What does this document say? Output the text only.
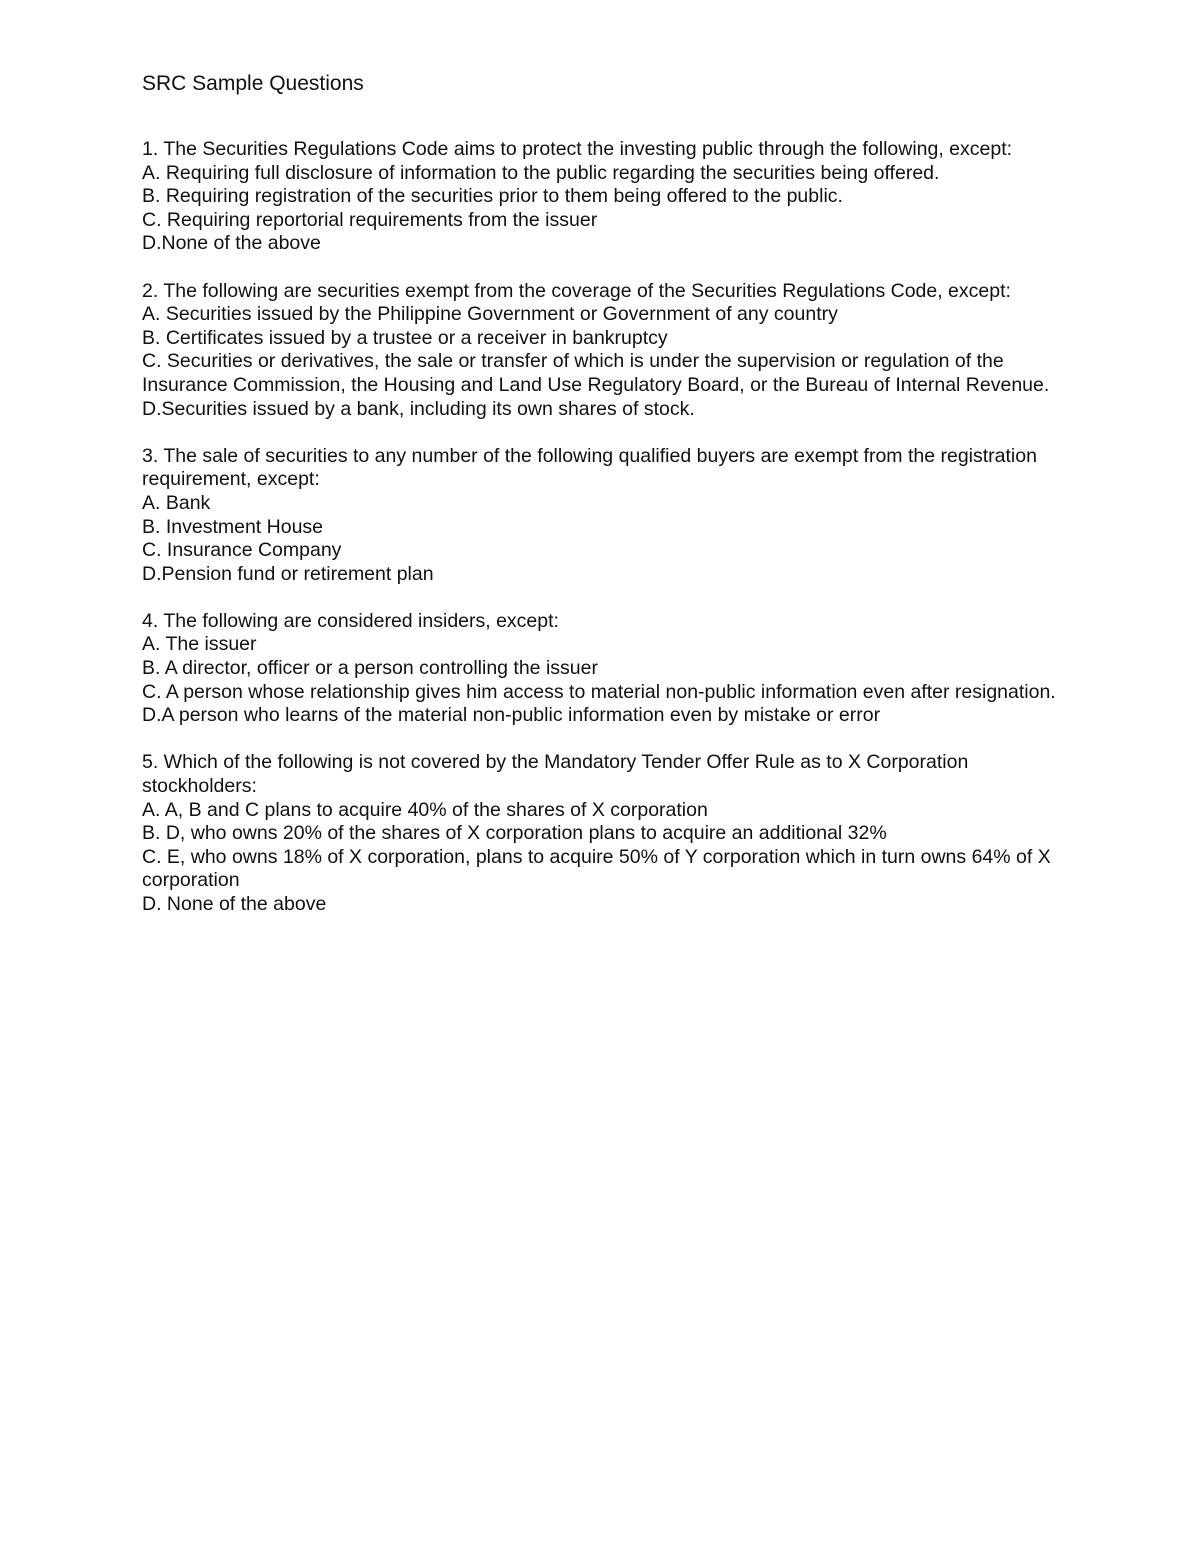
SRC Sample Questions

1. The Securities Regulations Code aims to protect the investing public through the following, except:

A. Requiring full disclosure of information to the public regarding the securities being offered.

B. Requiring registration of the securities prior to them being offered to the public.

C. Requiring reportorial requirements from the issuer

D.None of the above

2. The following are securities exempt from the coverage of the Securities Regulations Code, except:

A. Securities issued by the Philippine Government or Government of any country

B. Certificates issued by a trustee or a receiver in bankruptcy

C. Securities or derivatives, the sale or transfer of which is under the supervision or regulation of the Insurance Commission, the Housing and Land Use Regulatory Board, or the Bureau of Internal Revenue.

D.Securities issued by a bank, including its own shares of stock.

3. The sale of securities to any number of the following qualified buyers are exempt from the registration requirement, except:

A. Bank

B. Investment House

C. Insurance Company

D.Pension fund or retirement plan

4. The following are considered insiders, except:

A. The issuer

B. A director, officer or a person controlling the issuer

C. A person whose relationship gives him access to material non-public information even after resignation.

D.A person who learns of the material non-public information even by mistake or error

5. Which of the following is not covered by the Mandatory Tender Offer Rule as to X Corporation stockholders:

A. A, B and C plans to acquire 40% of the shares of X corporation

B. D, who owns 20% of the shares of X corporation plans to acquire an additional 32%

C. E, who owns 18% of X corporation, plans to acquire 50% of Y corporation which in turn owns 64% of X corporation

D. None of the above
